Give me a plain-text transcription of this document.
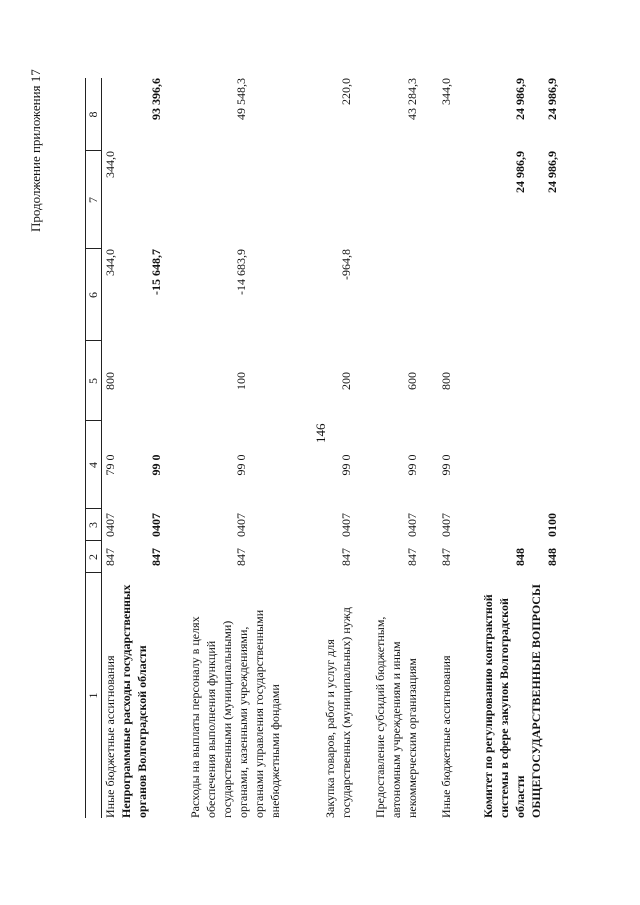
146
Продолжение приложения 17
1
2
3
4
5
6
7
8
Иные бюджетные ассигнования
847
0407
79 0
800
344,0
344,0
Непрограммные расходы государственных органов Волгоградской области
847
0407
99 0
-15 648,7
93 396,6
Расходы на выплаты персоналу в целях обеспечения выполнения функций государственными (муниципальными) органами, казенными учреждениями, органами управления государственными внебюджетными фондами
847
0407
99 0
100
-14 683,9
49 548,3
Закупка товаров, работ и услуг для государственных (муниципальных) нужд
847
0407
99 0
200
-964,8
220,0
Предоставление субсидий бюджетным, автономным учреждениям и иным некоммерческим организациям
847
0407
99 0
600
43 284,3
Иные бюджетные ассигнования
847
0407
99 0
800
344,0
Комитет по регулированию контрактной системы в сфере закупок Волгоградской области
848
24 986,9
24 986,9
ОБЩЕГОСУДАРСТВЕННЫЕ ВОПРОСЫ
848
0100
24 986,9
24 986,9
